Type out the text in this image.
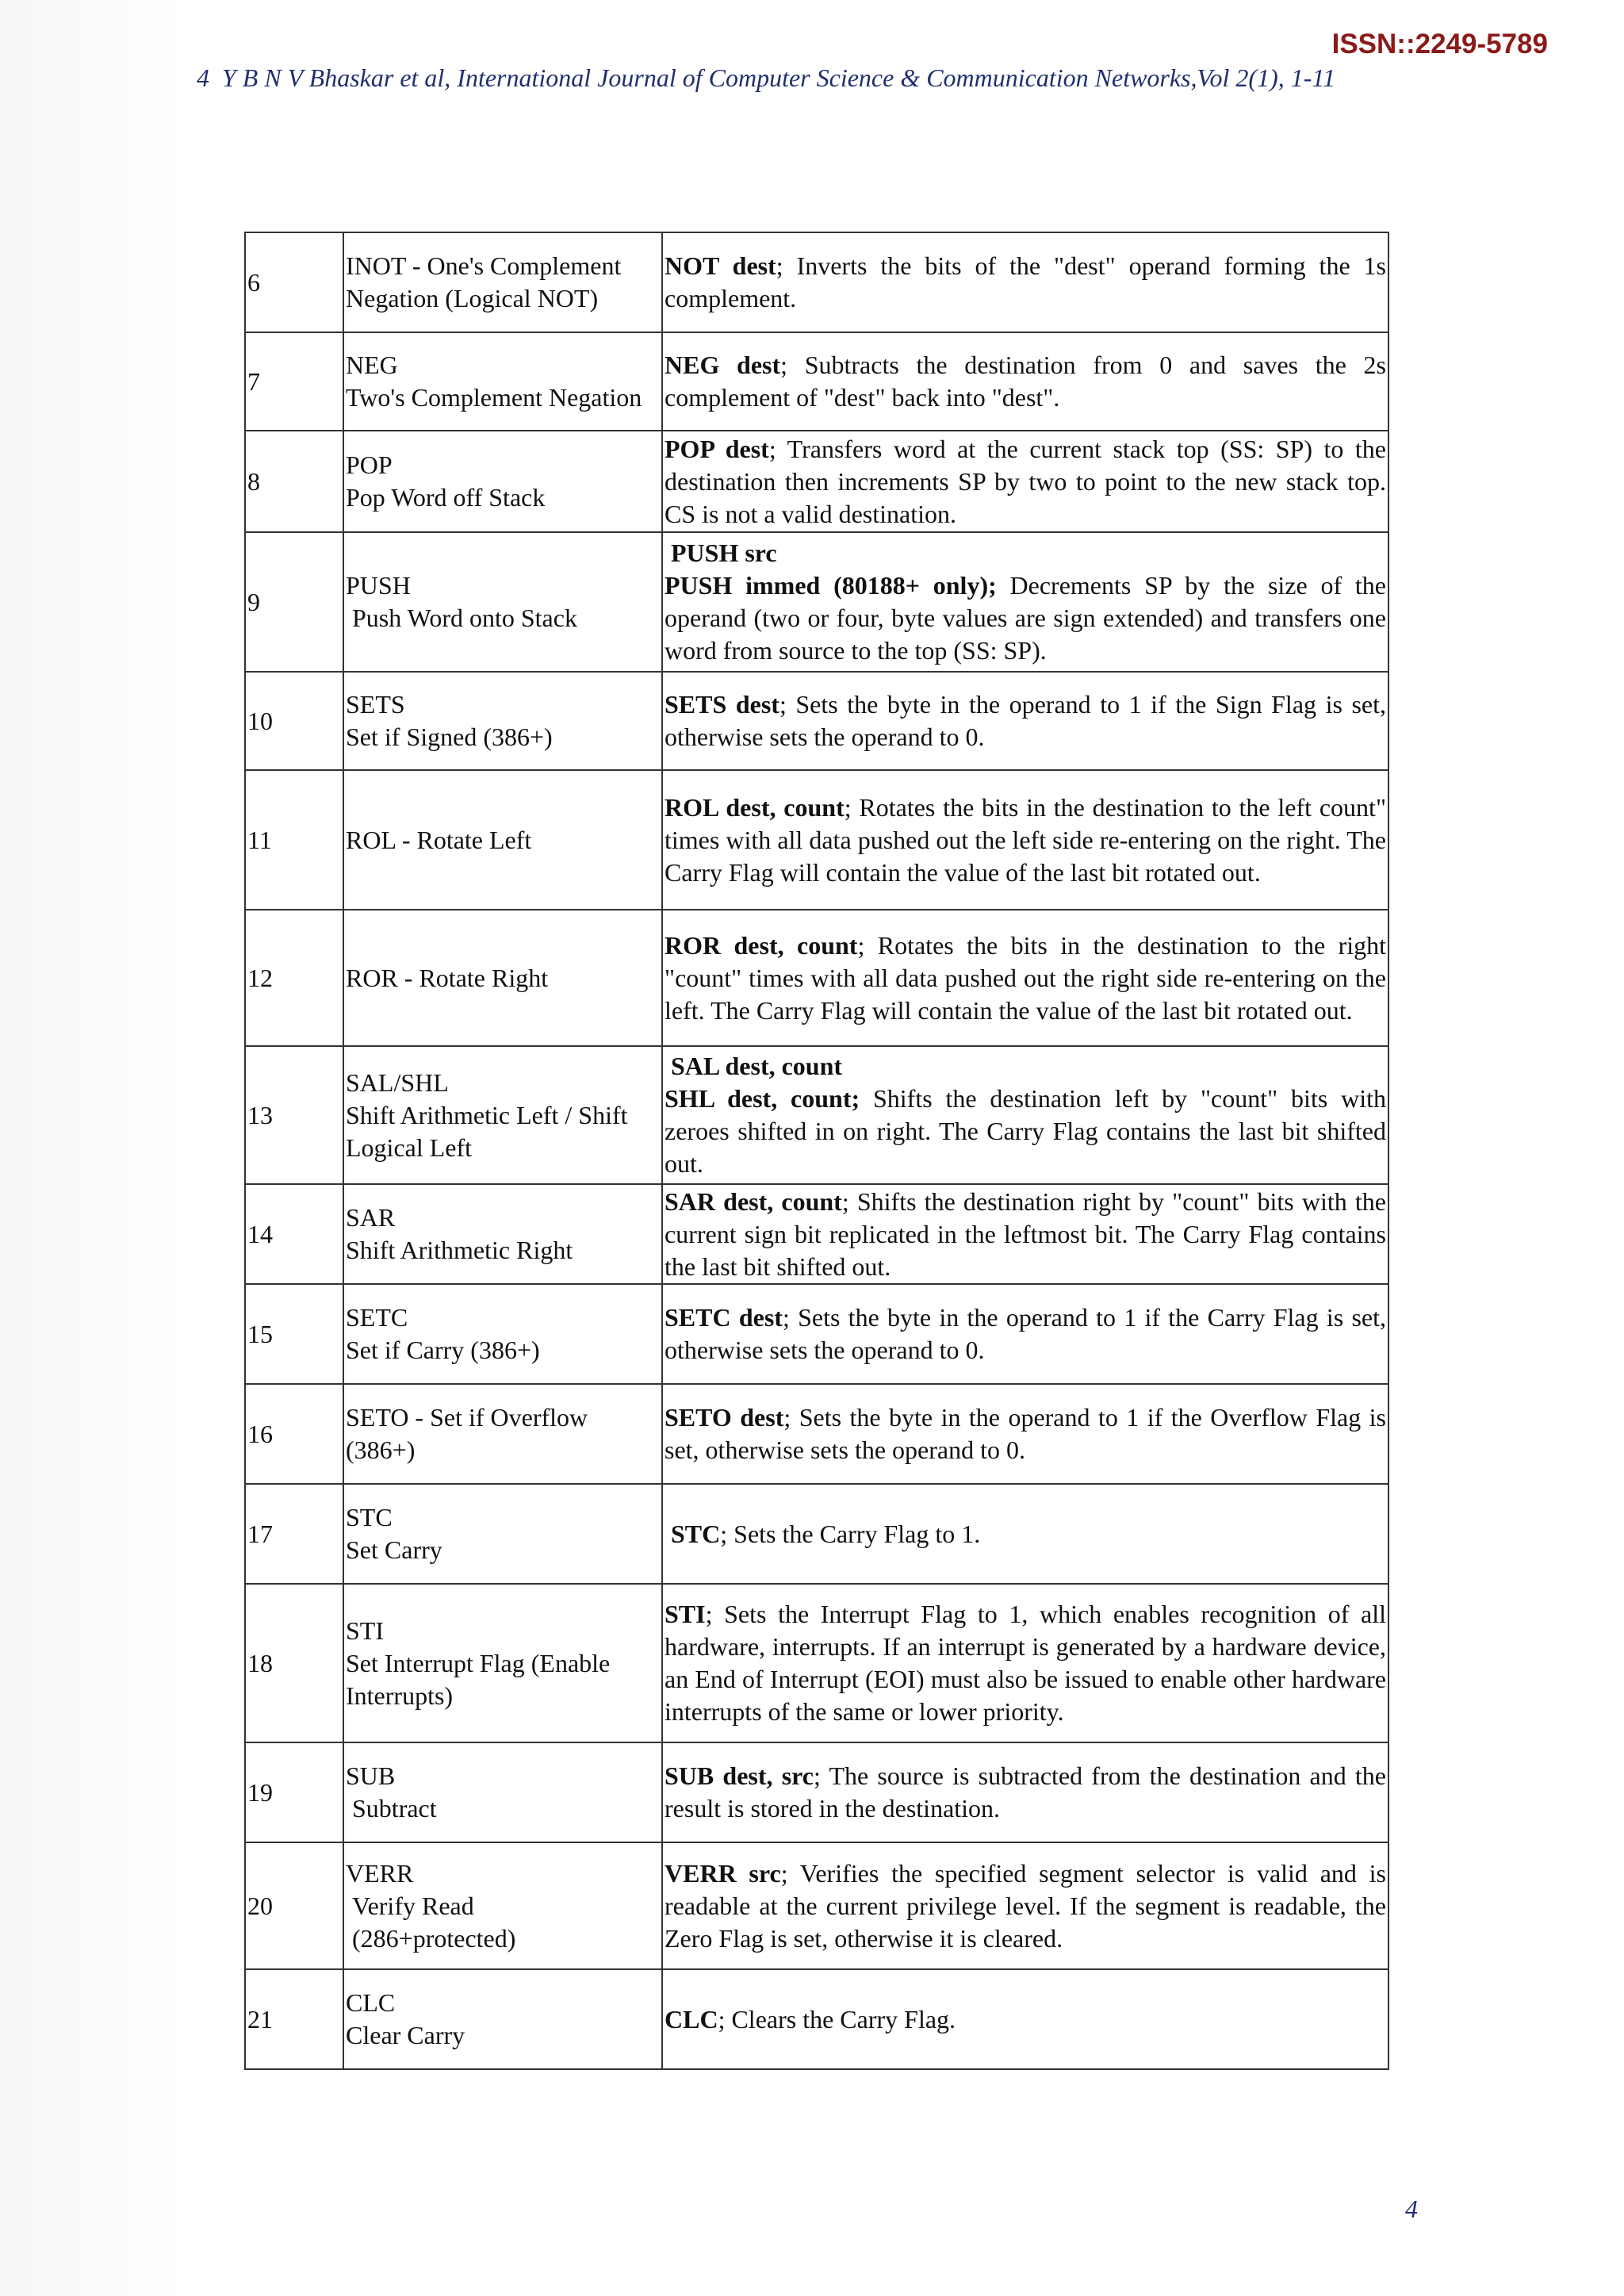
ISSN::2249-5789
4 Y B N V Bhaskar et al, International Journal of Computer Science & Communication Networks,Vol 2(1), 1-11
6	INOT - One's Complement Negation (Logical NOT)	NOT dest; Inverts the bits of the "dest" operand forming the 1s complement.

7	NEG
Two's Complement Negation	NEG dest; Subtracts the destination from 0 and saves the 2s complement of "dest" back into "dest".

8	POP
Pop Word off Stack	POP dest; Transfers word at the current stack top (SS: SP) to the destination then increments SP by two to point to the new stack top. CS is not a valid destination.

9	PUSH
Push Word onto Stack	PUSH src
PUSH immed (80188+ only); Decrements SP by the size of the operand (two or four, byte values are sign extended) and transfers one word from source to the top (SS: SP).

10	SETS
Set if Signed (386+)	SETS dest; Sets the byte in the operand to 1 if the Sign Flag is set, otherwise sets the operand to 0.

11	ROL - Rotate Left	ROL dest, count; Rotates the bits in the destination to the left count" times with all data pushed out the left side re-entering on the right. The Carry Flag will contain the value of the last bit rotated out.

12	ROR - Rotate Right	ROR dest, count; Rotates the bits in the destination to the right "count" times with all data pushed out the right side re-entering on the left. The Carry Flag will contain the value of the last bit rotated out.

13	SAL/SHL
Shift Arithmetic Left / Shift Logical Left	SAL dest, count
SHL dest, count; Shifts the destination left by "count" bits with zeroes shifted in on right. The Carry Flag contains the last bit shifted out.

14	SAR
Shift Arithmetic Right	SAR dest, count; Shifts the destination right by "count" bits with the current sign bit replicated in the leftmost bit. The Carry Flag contains the last bit shifted out.

15	SETC
Set if Carry (386+)	SETC dest; Sets the byte in the operand to 1 if the Carry Flag is set, otherwise sets the operand to 0.

16	SETO - Set if Overflow (386+)	SETO dest; Sets the byte in the operand to 1 if the Overflow Flag is set, otherwise sets the operand to 0.

17	STC
Set Carry	STC; Sets the Carry Flag to 1.

18	STI
Set Interrupt Flag (Enable Interrupts)	STI; Sets the Interrupt Flag to 1, which enables recognition of all hardware, interrupts. If an interrupt is generated by a hardware device, an End of Interrupt (EOI) must also be issued to enable other hardware interrupts of the same or lower priority.

19	SUB
Subtract	SUB dest, src; The source is subtracted from the destination and the result is stored in the destination.

20	VERR
Verify Read
(286+protected)	VERR src; Verifies the specified segment selector is valid and is readable at the current privilege level. If the segment is readable, the Zero Flag is set, otherwise it is cleared.

21	CLC
Clear Carry	CLC; Clears the Carry Flag.
4
